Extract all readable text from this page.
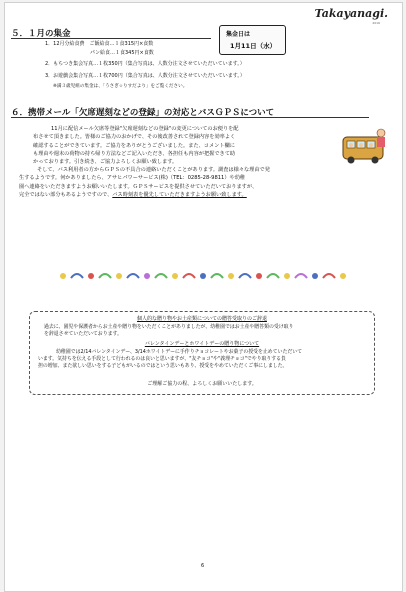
Takayanagi.
2016
５．１月の集金
1．12月分給食費　ご飯給食…１食315円×食数
パン給食…１食345円×食数
2．もちつき集会写真…１枚350円（集合写真は、人数分注文させていただいています。）
3．お遊戯会集合写真…１枚700円（集合写真は、人数分注文させていただいています。）
※満３歳児組の集金は、「うさぎ☆りすだより」をご覧ください。
集金日は
1月11日（水）
６．携帯メール「欠席遅刻などの登録」の対応とバスＧＰＳについて
11月に配信メール欠席等登録"欠席遅刻などの登録"の変更についてのお便りを配
布させて頂きました。皆様のご協力のおかげで、その後改善されて登録内容を効率よく
確認することができています。ご協力をありがとうございました。また、コメント欄に
も理由や週末の荷物の持ち帰り方法などご記入いただき、各担任も内容が把握できて助
かっております。引き続き、ご協力よろしくお願い致します。
そして、バス利用者の方からＧＰＳの不具合の連絡いただくことがあります。調査は様々な理由で発
生するようです。何かありましたら、アサヒパワーサービス(株)（TEL：0285-28-9811）や幼稚
園へ連絡をいただきますようお願いいたします。ＧＰＳサービスを提供させていただいておりますが、
完全ではない部分もあるようですので、バス時刻表を優先していただきますようお願い致します。
個人的な贈り物やお土産類についての贈答受取りのご辞退
過去に、園児や保護者からお土産や贈り物をいただくことがありましたが、幼稚園ではお土産や贈答類の受け取り
を辞退させていただいております。
バレンタインデーとホワイトデーの贈り物について
幼稚園では2/14バレンタインデー、3/14ホワイトデーに手作りチョコレートやお菓子の授受を止めていただいて
います。気持ちを伝える手段として行われるのは良いと思いますが、"友チョコ"や"義理チョコ"でやり取りする負
担の増加、また欲しい思いをする子どもがいるのではという思いもあり、授受をやめていただくご事にしました。
ご理解ご協力の程、よろしくお願いいたします。
6
